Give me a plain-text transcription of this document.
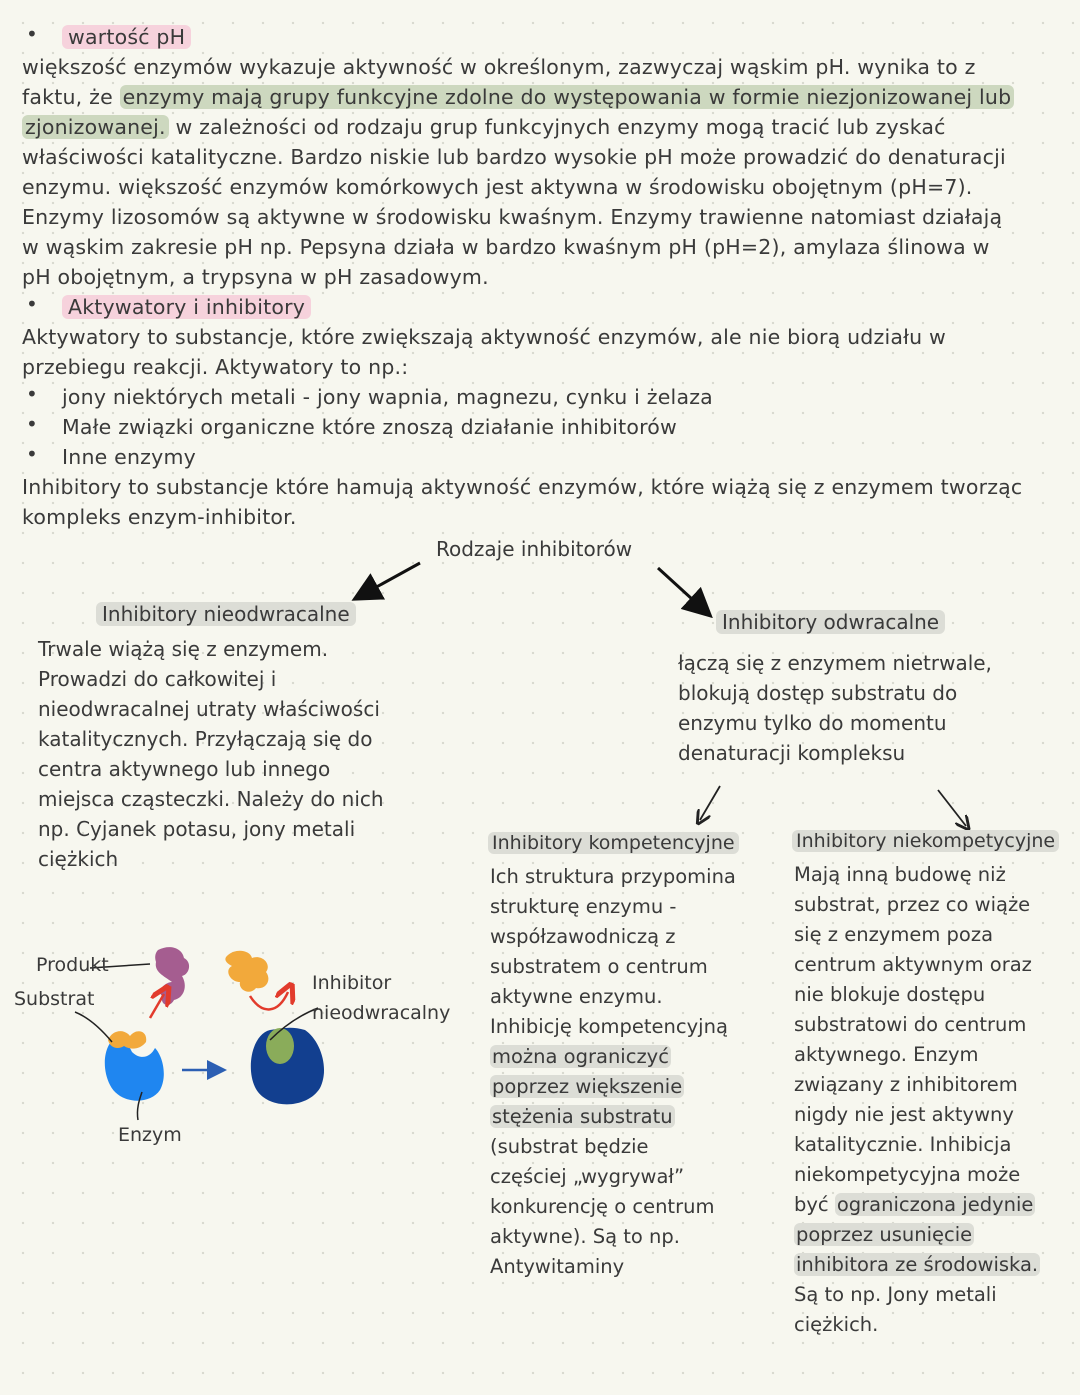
• wartość pH
większość enzymów wykazuje aktywność w określonym, zazwyczaj wąskim pH. wynika to z
faktu, że enzymy mają grupy funkcyjne zdolne do występowania w formie niezjonizowanej lub
zjonizowanej. w zależności od rodzaju grup funkcyjnych enzymy mogą tracić lub zyskać
właściwości katalityczne. Bardzo niskie lub bardzo wysokie pH może prowadzić do denaturacji
enzymu. większość enzymów komórkowych jest aktywna w środowisku obojętnym (pH=7).
Enzymy lizosomów są aktywne w środowisku kwaśnym. Enzymy trawienne natomiast działają
w wąskim zakresie pH np. Pepsyna działa w bardzo kwaśnym pH (pH=2), amylaza ślinowa w
pH obojętnym, a trypsyna w pH zasadowym.
• Aktywatory i inhibitory
Aktywatory to substancje, które zwiększają aktywność enzymów, ale nie biorą udziału w
przebiegu reakcji. Aktywatory to np.:
•
•
•
jony niektórych metali - jony wapnia, magnezu, cynku i żelaza
Małe związki organiczne które znoszą działanie inhibitorów
Inne enzymy
Inhibitory to substancje które hamują aktywność enzymów, które wiążą się z enzymem tworząc
kompleks enzym-inhibitor.
Rodzaje inhibitorów
Inhibitory nieodwracalne
Trwale wiążą się z enzymem.
Prowadzi do całkowitej i
nieodwracalnej utraty właściwości
katalitycznych. Przyłączają się do
centra aktywnego lub innego
miejsca cząsteczki. Należy do nich
np. Cyjanek potasu, jony metali
ciężkich
Inhibitory odwracalne
łączą się z enzymem nietrwale,
blokują dostęp substratu do
enzymu tylko do momentu
denaturacji kompleksu
Inhibitory kompetencyjne
Ich struktura przypomina
strukturę enzymu -
współzawodniczą z
substratem o centrum
aktywne enzymu.
Inhibicję kompetencyjną
można ograniczyć
poprzez większenie
stężenia substratu
(substrat będzie
częściej „wygrywał”
konkurencję o centrum
aktywne). Są to np.
Antywitaminy
Inhibitory niekompetycyjne
Mają inną budowę niż
substrat, przez co wiąże
się z enzymem poza
centrum aktywnym oraz
nie blokuje dostępu
substratowi do centrum
aktywnego. Enzym
związany z inhibitorem
nigdy nie jest aktywny
katalitycznie. Inhibicja
niekompetycyjna może
być ograniczona jedynie
poprzez usunięcie
inhibitora ze środowiska.
Są to np. Jony metali
ciężkich.
Produkt
Substrat
Enzym
Inhibitor
nieodwracalny
